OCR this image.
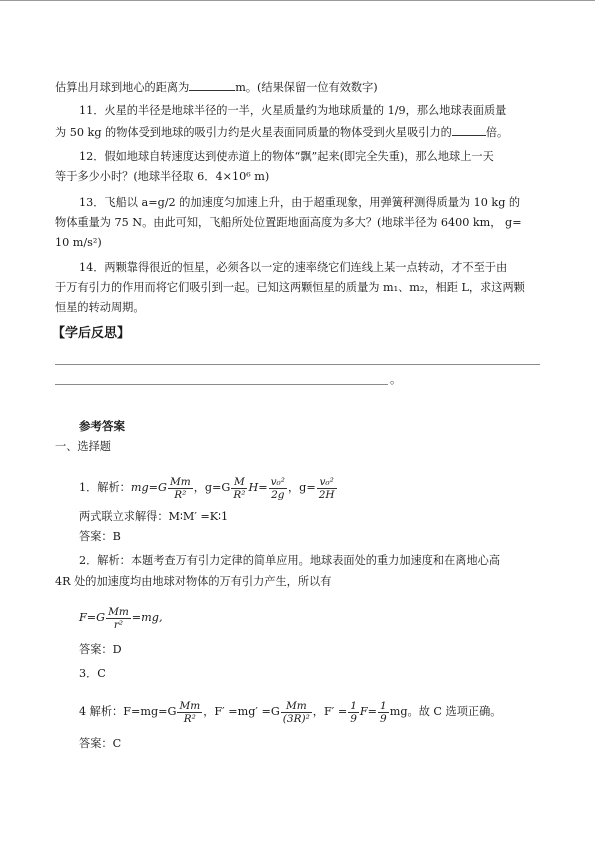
估算出月球到地心的距离为	m。(结果保留一位有效数字)
11．火星的半径是地球半径的一半，火星质量约为地球质量的 1/9，那么地球表面质量
为 50 kg 的物体受到地球的吸引力约是火星表面同质量的物体受到火星吸引力的	倍。
12．假如地球自转速度达到使赤道上的物体“飘”起来(即完全失重)，那么地球上一天
等于多少小时？(地球半径取 6．4×10⁶ m)
13．飞船以 a=g/2 的加速度匀加速上升，由于超重现象，用弹簧秤测得质量为 10 kg 的
物体重量为 75 N。由此可知，飞船所处位置距地面高度为多大？(地球半径为 6400 km， g=
10 m/s²)
14．两颗靠得很近的恒星，必须各以一定的速率绕它们连线上某一点转动，才不至于由
于万有引力的作用而将它们吸引到一起。已知这两颗恒星的质量为 m₁、m₂，相距 L，求这两颗
恒星的转动周期。
【学后反思】
。
参考答案
一、选择题
1．解析：$mg=G \frac{Mm}{\text{R²}}$ ，$g=G \frac{M}{\text{R²}} H= \frac{\text{v₀²}}{2g}$ ，$g= \frac{\text{v₀²}}{2H}$
两式联立求解得：M∶M′ =K∶1
答案：B
2．解析：本题考查万有引力定律的简单应用。地球表面处的重力加速度和在离地心高
4R 处的加速度均由地球对物体的万有引力产生，所以有
$F=G \frac{Mm}{\text{r²}} =mg$,
答案：D
3．C
4 解析：$F=mg=G \frac{Mm}{\text{R²}}$ ，$F' =mg' =G \frac{Mm}{\text{(3R)²}}$ ，$F' = \frac{1}{9} F= \frac{1}{9}$ mg。故 C 选项正确。
答案：C
